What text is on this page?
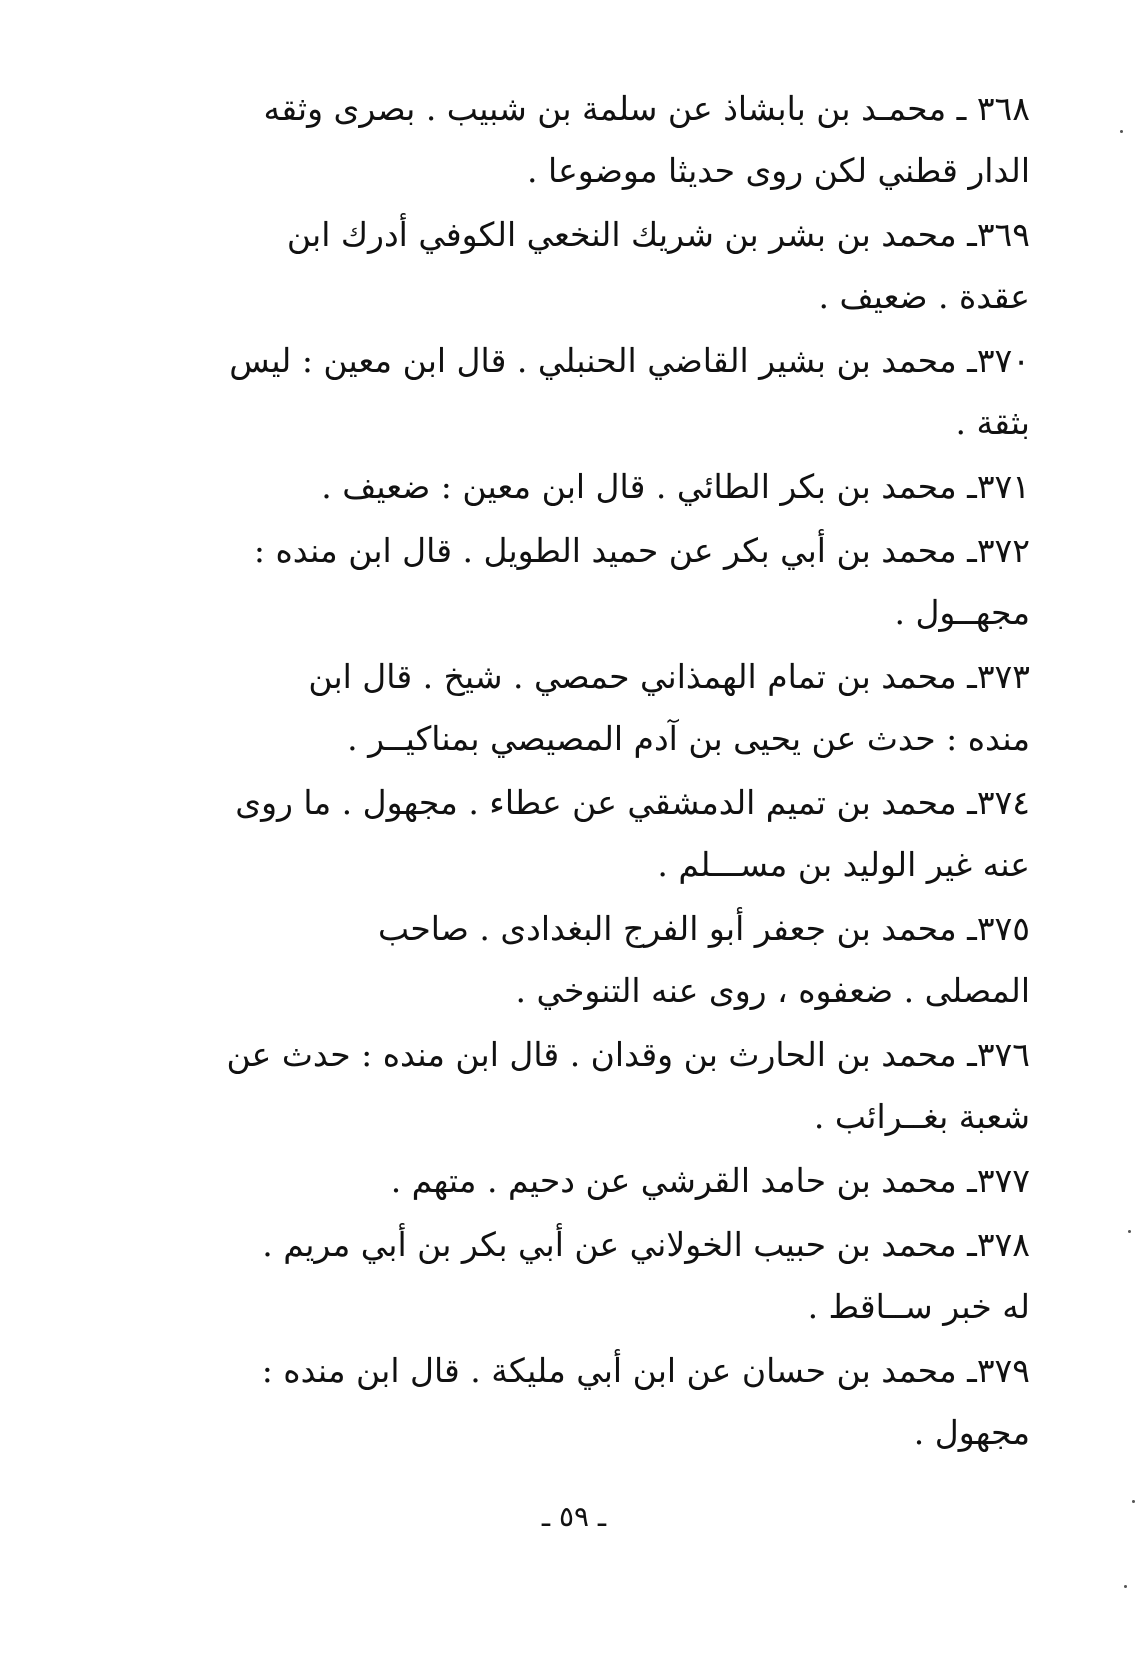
٣٦٨ ـ محمـد بن بابشاذ عن سلمة بن شبيب . بصرى وثقه
الدار قطني لكن روى حديثا موضوعا .
٣٦٩ـ محمد بن بشر بن شريك النخعي الكوفي أدرك ابن
عقدة . ضعيف .
٣٧٠ـ محمد بن بشير القاضي الحنبلي . قال ابن معين : ليس
بثقة .
٣٧١ـ محمد بن بكر الطائي . قال ابن معين : ضعيف .
٣٧٢ـ محمد بن أبي بكر عن حميد الطويل . قال ابن منده :
مجهــول .
٣٧٣ـ محمد بن تمام الهمذاني حمصي . شيخ . قال ابن
منده : حدث عن يحيى بن آدم المصيصي بمناكيــر .
٣٧٤ـ محمد بن تميم الدمشقي عن عطاء . مجهول . ما روى
عنه غير الوليد بن مســـلم .
٣٧٥ـ محمد بن جعفر أبو الفرج البغدادى . صاحب
المصلى . ضعفوه ، روى عنه التنوخي .
٣٧٦ـ محمد بن الحارث بن وقدان . قال ابن منده : حدث عن
شعبة بغــرائب .
٣٧٧ـ محمد بن حامد القرشي عن دحيم . متهم .
٣٧٨ـ محمد بن حبيب الخولاني عن أبي بكر بن أبي مريم .
له خبر ســاقط .
٣٧٩ـ محمد بن حسان عن ابن أبي مليكة . قال ابن منده :
مجهول .
ـ ٥٩ ـ
